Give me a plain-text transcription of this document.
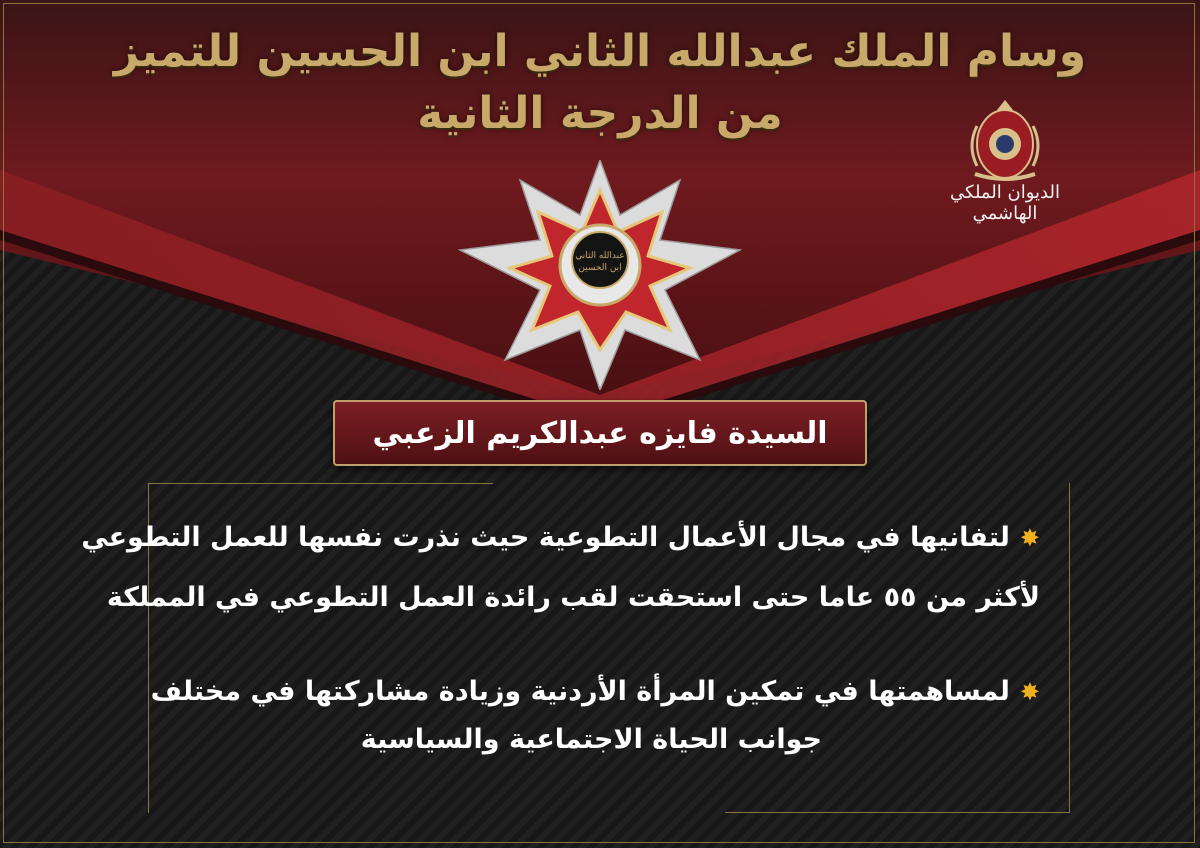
وسام الملك عبدالله الثاني ابن الحسين للتميز
من الدرجة الثانية
الديوان الملكي الهاشمي
عبدالله الثاني
ابن الحسين
السيدة فايزه عبدالكريم الزعبي
✸لتفانيها في مجال الأعمال التطوعية حيث نذرت نفسها للعمل التطوعي
لأكثر من ٥٥ عاما حتى استحقت لقب رائدة العمل التطوعي في المملكة
✸لمساهمتها في تمكين المرأة الأردنية وزيادة مشاركتها في مختلف
جوانب الحياة الاجتماعية والسياسية
